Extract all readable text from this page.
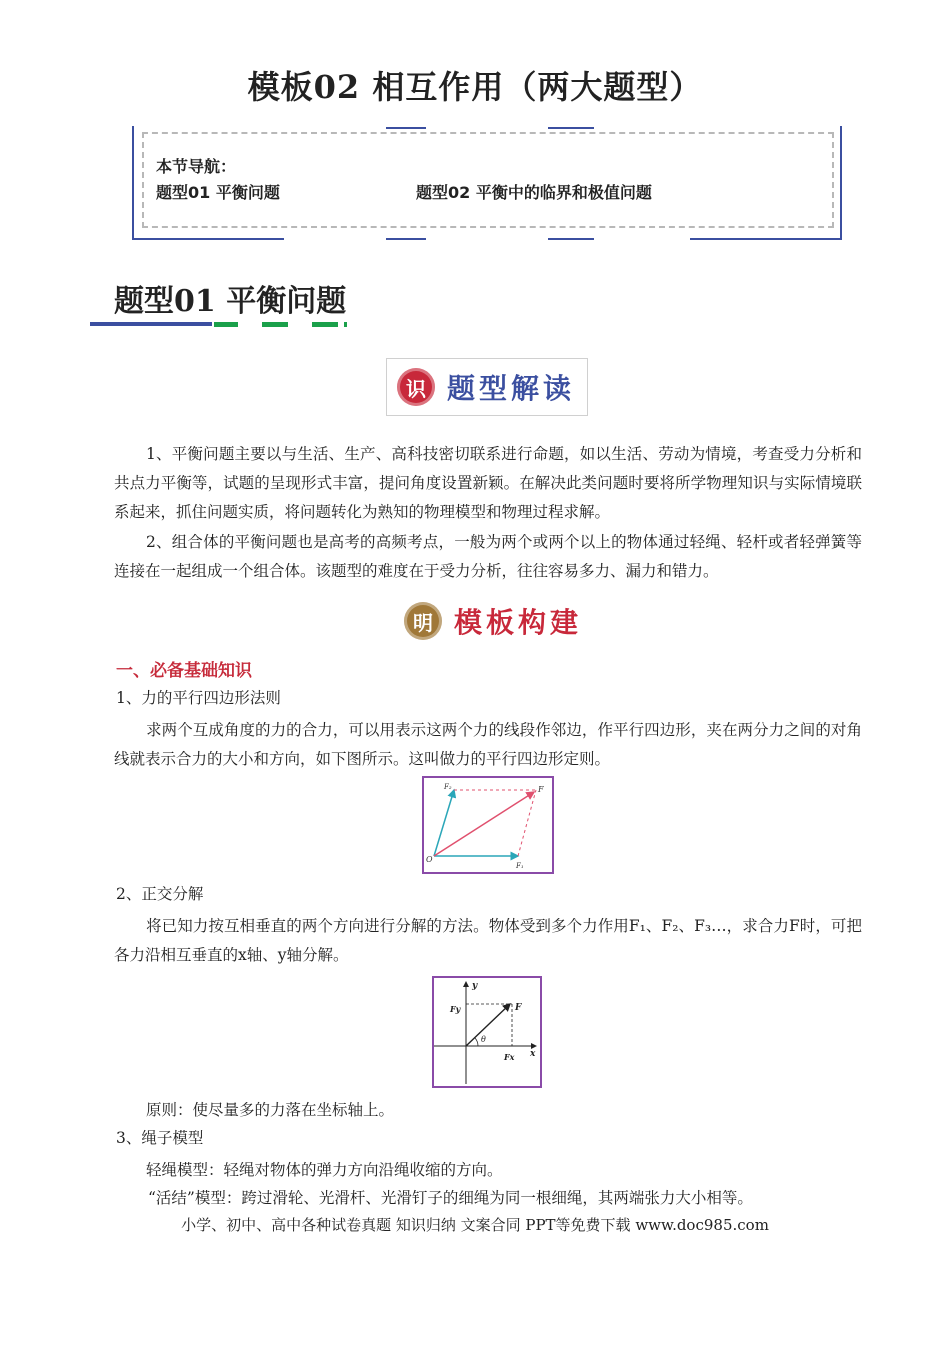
模板02 相互作用（两大题型）
本节导航：
题型01 平衡问题	题型02 平衡中的临界和极值问题
题型01 平衡问题
识 题型解读
1、平衡问题主要以与生活、生产、高科技密切联系进行命题，如以生活、劳动为情境，考查受力分析和共点力平衡等，试题的呈现形式丰富，提问角度设置新颖。在解决此类问题时要将所学物理知识与实际情境联系起来，抓住问题实质，将问题转化为熟知的物理模型和物理过程求解。
2、组合体的平衡问题也是高考的高频考点，一般为两个或两个以上的物体通过轻绳、轻杆或者轻弹簧等连接在一起组成一个组合体。该题型的难度在于受力分析，往往容易多力、漏力和错力。
明 模板构建
一、必备基础知识
1、力的平行四边形法则
求两个互成角度的力的合力，可以用表示这两个力的线段作邻边，作平行四边形，夹在两分力之间的对角线就表示合力的大小和方向，如下图所示。这叫做力的平行四边形定则。
O
F
F₁
F₂
2、正交分解
将已知力按互相垂直的两个方向进行分解的方法。物体受到多个力作用F₁、F₂、F₃…，求合力F时，可把各力沿相互垂直的x轴、y轴分解。
y
x
Fy
Fx
F
θ
原则：使尽量多的力落在坐标轴上。
3、绳子模型
轻绳模型：轻绳对物体的弹力方向沿绳收缩的方向。
“活结”模型：跨过滑轮、光滑杆、光滑钉子的细绳为同一根细绳，其两端张力大小相等。
小学、初中、高中各种试卷真题 知识归纳 文案合同 PPT等免费下载 www.doc985.com
